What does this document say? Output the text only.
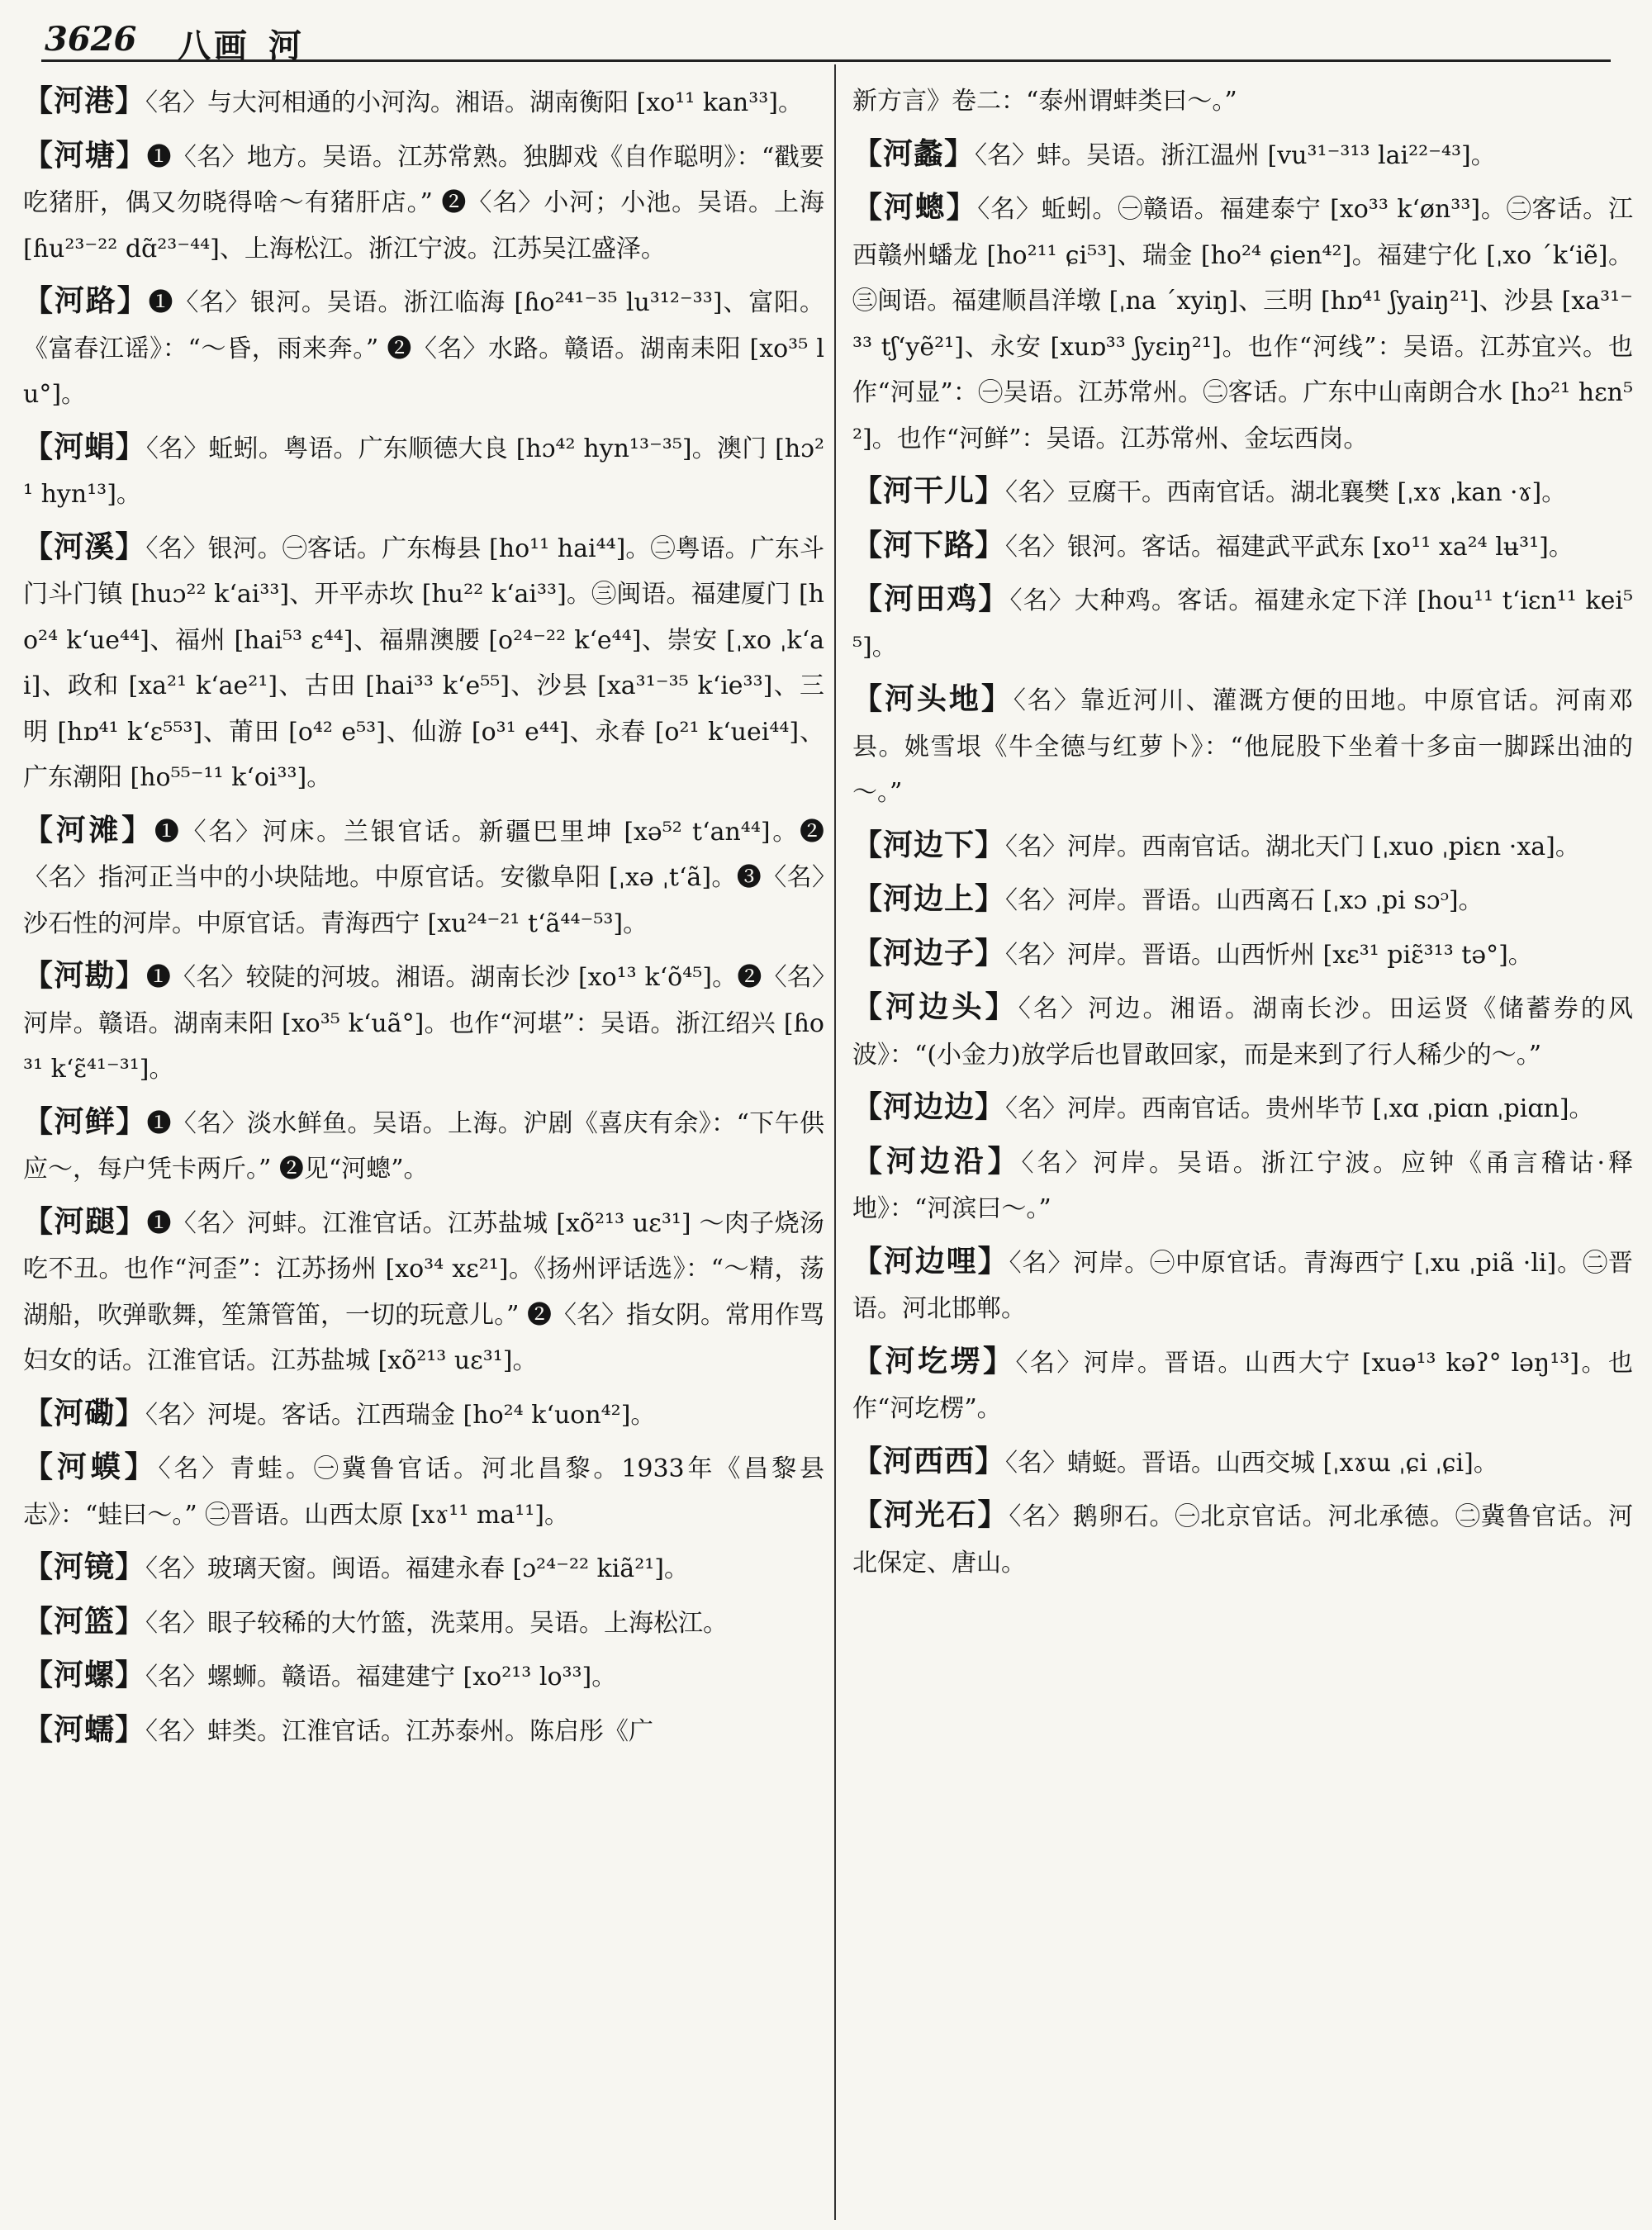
3626 八画 河
【河港】〈名〉与大河相通的小河沟。湘语。湖南衡阳 [xo¹¹ kan³³]。
【河塘】❶〈名〉地方。吴语。江苏常熟。独脚戏《自作聪明》：“戳要吃猪肝，偶又勿晓得啥～有猪肝店。” ❷〈名〉小河；小池。吴语。上海 [ɦu²³⁻²² dɑ̃²³⁻⁴⁴]、上海松江。浙江宁波。江苏吴江盛泽。
【河路】❶〈名〉银河。吴语。浙江临海 [ɦo²⁴¹⁻³⁵ lu³¹²⁻³³]、富阳。《富春江谣》：“～昏，雨来奔。” ❷〈名〉水路。赣语。湖南耒阳 [xo³⁵ lu°]。
【河蜎】〈名〉蚯蚓。粤语。广东顺德大良 [hɔ⁴² hyn¹³⁻³⁵]。澳门 [hɔ²¹ hyn¹³]。
【河溪】〈名〉银河。㊀客话。广东梅县 [ho¹¹ hai⁴⁴]。㊁粤语。广东斗门斗门镇 [huɔ²² k‘ai³³]、开平赤坎 [hu²² k‘ai³³]。㊂闽语。福建厦门 [ho²⁴ k‘ue⁴⁴]、福州 [hai⁵³ ɛ⁴⁴]、福鼎澳腰 [o²⁴⁻²² k‘e⁴⁴]、崇安 [ˌxo ˌk‘ai]、政和 [xa²¹ k‘ae²¹]、古田 [hai³³ k‘e⁵⁵]、沙县 [xa³¹⁻³⁵ k‘ie³³]、三明 [hɒ⁴¹ k‘ɛ⁵⁵³]、莆田 [o⁴² e⁵³]、仙游 [o³¹ e⁴⁴]、永春 [o²¹ k‘uei⁴⁴]、广东潮阳 [ho⁵⁵⁻¹¹ k‘oi³³]。
【河滩】❶〈名〉河床。兰银官话。新疆巴里坤 [xə⁵² t‘an⁴⁴]。❷〈名〉指河正当中的小块陆地。中原官话。安徽阜阳 [ˌxə ˌt‘ã]。❸〈名〉沙石性的河岸。中原官话。青海西宁 [xu²⁴⁻²¹ t‘ã⁴⁴⁻⁵³]。
【河勘】❶〈名〉较陡的河坡。湘语。湖南长沙 [xo¹³ k‘õ⁴⁵]。❷〈名〉河岸。赣语。湖南耒阳 [xo³⁵ k‘uã°]。也作“河堪”：吴语。浙江绍兴 [ɦo³¹ k‘ɛ̃⁴¹⁻³¹]。
【河鲜】❶〈名〉淡水鲜鱼。吴语。上海。沪剧《喜庆有余》：“下午供应～，每户凭卡两斤。” ❷见“河蟌”。
【河蹆】❶〈名〉河蚌。江淮官话。江苏盐城 [xõ²¹³ uɛ³¹] ～肉子烧汤吃不丑。也作“河歪”：江苏扬州 [xo³⁴ xɛ²¹]。《扬州评话选》：“～精，荡湖船，吹弹歌舞，笙箫管笛，一切的玩意儿。” ❷〈名〉指女阴。常用作骂妇女的话。江淮官话。江苏盐城 [xõ²¹³ uɛ³¹]。
【河磡】〈名〉河堤。客话。江西瑞金 [ho²⁴ k‘uon⁴²]。
【河蟆】〈名〉青蛙。㊀冀鲁官话。河北昌黎。1933年《昌黎县志》：“蛙曰～。” ㊁晋语。山西太原 [xɤ¹¹ ma¹¹]。
【河镜】〈名〉玻璃天窗。闽语。福建永春 [ɔ²⁴⁻²² kiã²¹]。
【河篮】〈名〉眼子较稀的大竹篮，洗菜用。吴语。上海松江。
【河螺】〈名〉螺蛳。赣语。福建建宁 [xo²¹³ lo³³]。
【河蠕】〈名〉蚌类。江淮官话。江苏泰州。陈启彤《广
新方言》卷二：“泰州谓蚌类曰～。”
【河蠡】〈名〉蚌。吴语。浙江温州 [vu³¹⁻³¹³ lai²²⁻⁴³]。
【河蟌】〈名〉蚯蚓。㊀赣语。福建泰宁 [xo³³ k‘øn³³]。㊁客话。江西赣州蟠龙 [ho²¹¹ ɕi⁵³]、瑞金 [ho²⁴ ɕien⁴²]。福建宁化 [ˌxo ˊk‘iẽ]。㊂闽语。福建顺昌洋墩 [ˌna ˊxyiŋ]、三明 [hɒ⁴¹ ʃyaiŋ²¹]、沙县 [xa³¹⁻³³ tʃ‘yẽ²¹]、永安 [xuɒ³³ ʃyɛiŋ²¹]。也作“河线”：吴语。江苏宜兴。也作“河显”：㊀吴语。江苏常州。㊁客话。广东中山南朗合水 [hɔ²¹ hɛn⁵²]。也作“河鲜”：吴语。江苏常州、金坛西岗。
【河干儿】〈名〉豆腐干。西南官话。湖北襄樊 [ˌxɤ ˌkan ·ɤ]。
【河下路】〈名〉银河。客话。福建武平武东 [xo¹¹ xa²⁴ lʉ³¹]。
【河田鸡】〈名〉大种鸡。客话。福建永定下洋 [hou¹¹ t‘iɛn¹¹ kei⁵⁵]。
【河头地】〈名〉靠近河川、灌溉方便的田地。中原官话。河南邓县。姚雪垠《牛全德与红萝卜》：“他屁股下坐着十多亩一脚踩出油的～。”
【河边下】〈名〉河岸。西南官话。湖北天门 [ˌxuo ˌpiɛn ·xa]。
【河边上】〈名〉河岸。晋语。山西离石 [ˌxɔ ˌpi sɔᵓ]。
【河边子】〈名〉河岸。晋语。山西忻州 [xɛ³¹ piɛ̃³¹³ tə°]。
【河边头】〈名〉河边。湘语。湖南长沙。田运贤《储蓄券的风波》：“(小金力)放学后也冒敢回家，而是来到了行人稀少的～。”
【河边边】〈名〉河岸。西南官话。贵州毕节 [ˌxɑ ˌpiɑn ˌpiɑn]。
【河边沿】〈名〉河岸。吴语。浙江宁波。应钟《甬言稽诂·释地》：“河滨曰～。”
【河边哩】〈名〉河岸。㊀中原官话。青海西宁 [ˌxu ˌpiã ·li]。㊁晋语。河北邯郸。
【河圪塄】〈名〉河岸。晋语。山西大宁 [xuə¹³ kəʔ° ləŋ¹³]。也作“河圪楞”。
【河西西】〈名〉蜻蜓。晋语。山西交城 [ˌxɤɯ ˌɕi ˌɕi]。
【河光石】〈名〉鹅卵石。㊀北京官话。河北承德。㊁冀鲁官话。河北保定、唐山。
